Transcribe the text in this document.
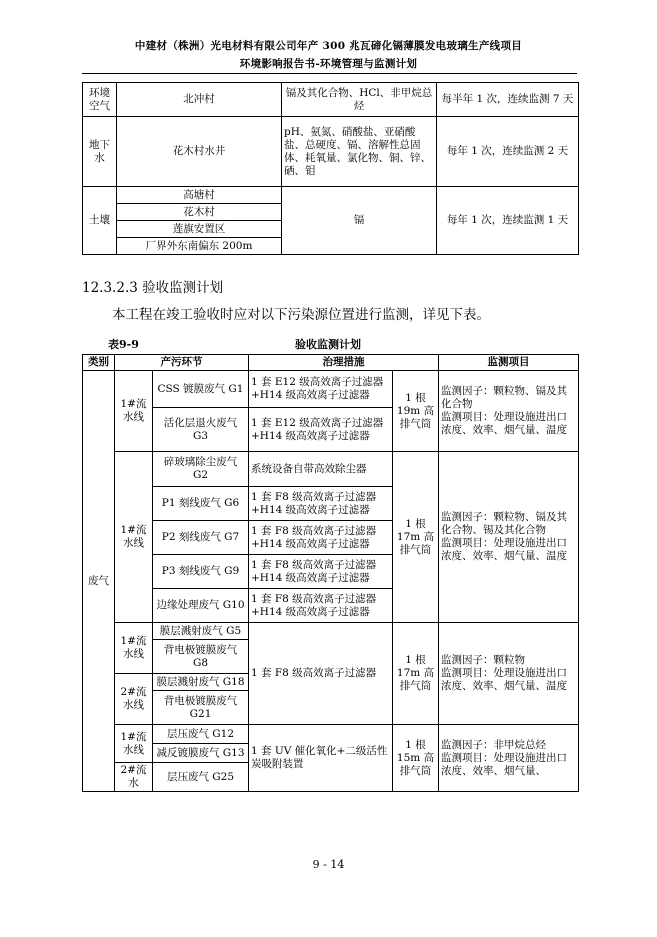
中建材（株洲）光电材料有限公司年产 300 兆瓦碲化镉薄膜发电玻璃生产线项目
环境影响报告书-环境管理与监测计划
环境空气	北冲村	镉及其化合物、HCl、非甲烷总烃	每半年 1 次，连续监测 7 天
地下水	花木村水井	pH、氨氮、硝酸盐、亚硝酸盐、总硬度、镉、溶解性总固体、耗氧量、氯化物、铜、锌、硒、钼	每年 1 次，连续监测 2 天
土壤	高塘村	镉	每年 1 次，连续监测 1 天
	花木村		
	莲旗安置区		
	厂界外东南偏东 200m		
12.3.2.3 验收监测计划
本工程在竣工验收时应对以下污染源位置进行监测，详见下表。
表9-9	验收监测计划
类别	产污环节		治理措施		监测项目
废气	1#流水线	CSS 镀膜废气 G1	1 套 E12 级高效离子过滤器+H14 级高效离子过滤器	1 根 19m 高排气筒	监测因子：颗粒物、镉及其化合物
监测项目：处理设施进出口浓度、效率、烟气量、温度
		活化层退火废气 G3	1 套 E12 级高效离子过滤器+H14 级高效离子过滤器		
	1#流水线	碎玻璃除尘废气 G2	系统设备自带高效除尘器	1 根 17m 高排气筒	监测因子：颗粒物、镉及其化合物、锡及其化合物
监测项目：处理设施进出口浓度、效率、烟气量、温度
		P1 刻线废气 G6	1 套 F8 级高效离子过滤器+H14 级高效离子过滤器		
		P2 刻线废气 G7	1 套 F8 级高效离子过滤器+H14 级高效离子过滤器		
		P3 刻线废气 G9	1 套 F8 级高效离子过滤器+H14 级高效离子过滤器		
		边缘处理废气 G10	1 套 F8 级高效离子过滤器+H14 级高效离子过滤器		
	1#流水线	膜层溅射废气 G5	1 套 F8 级高效离子过滤器	1 根 17m 高排气筒	监测因子：颗粒物
监测项目：处理设施进出口浓度、效率、烟气量、温度
		背电极镀膜废气 G8			
	2#流水线	膜层溅射废气 G18			
		背电极镀膜废气 G21			
	1#流水线	层压废气 G12	1 套 UV 催化氧化+二级活性炭吸附装置	1 根 15m 高排气筒	监测因子：非甲烷总烃
监测项目：处理设施进出口浓度、效率、烟气量、
		减反镀膜废气 G13			
	2#流水	层压废气 G25			
9 - 14
